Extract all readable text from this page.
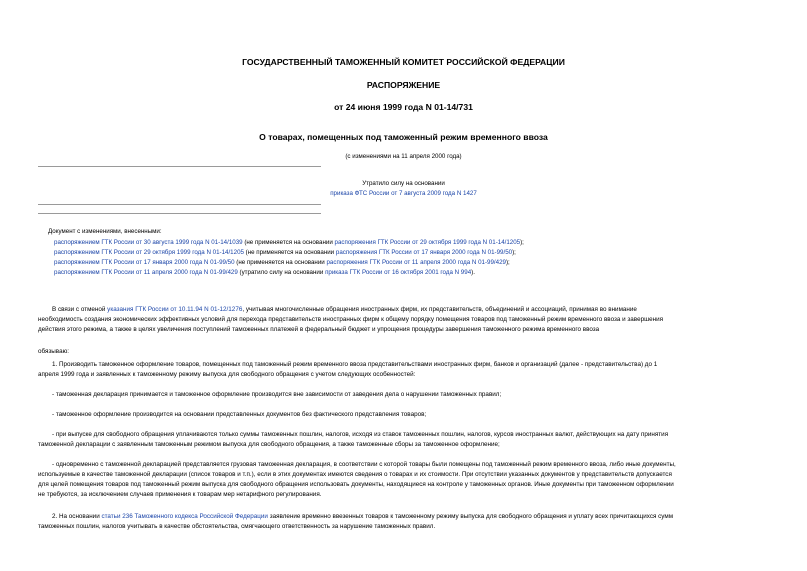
ГОСУДАРСТВЕННЫЙ ТАМОЖЕННЫЙ КОМИТЕТ РОССИЙСКОЙ ФЕДЕРАЦИИ
РАСПОРЯЖЕНИЕ
от 24 июня 1999 года N 01-14/731
О товарах, помещенных под таможенный режим временного ввоза
(с изменениями на 11 апреля 2000 года)
Утратило силу на основании
приказа ФТС России от 7 августа 2009 года N 1427
Документ с изменениями, внесенными:
распоряжением ГТК России от 30 августа 1999 года N 01-14/1039 (не применяется на основании распоряжения ГТК России от 29 октября 1999 года N 01-14/1205);
распоряжением ГТК России от 29 октября 1999 года N 01-14/1205 (не применяется на основании распоряжения ГТК России от 17 января 2000 года N 01-99/50);
распоряжением ГТК России от 17 января 2000 года N 01-99/50 (не применяется на основании распоряжения ГТК России от 11 апреля 2000 года N 01-99/429);
распоряжением ГТК России от 11 апреля 2000 года N 01-99/429 (утратило силу на основании приказа ГТК России от 16 октября 2001 года N 994).
В связи с отменой указания ГТК России от 10.11.94 N 01-12/1276, учитывая многочисленные обращения иностранных фирм, их представительств, объединений и ассоциаций, принимая во внимание
необходимость создания экономических эффективных условий для перехода представительств иностранных фирм к общему порядку помещения товаров под таможенный режим временного ввоза и завершения
действия этого режима, а также в целях увеличения поступлений таможенных платежей в федеральный бюджет и упрощения процедуры завершения таможенного режима временного ввоза
обязываю:
1. Производить таможенное оформление товаров, помещенных под таможенный режим временного ввоза представительствами иностранных фирм, банков и организаций (далее - представительства) до 1
апреля 1999 года и заявленных к таможенному режиму выпуска для свободного обращения с учетом следующих особенностей:
- таможенная декларация принимается и таможенное оформление производится вне зависимости от заведения дела о нарушении таможенных правил;
- таможенное оформление производится на основании представленных документов без фактического представления товаров;
- при выпуске для свободного обращения уплачиваются только суммы таможенных пошлин, налогов, исходя из ставок таможенных пошлин, налогов, курсов иностранных валют, действующих на дату принятия
таможенной декларации с заявленным таможенным режимом выпуска для свободного обращения, а также таможенные сборы за таможенное оформление;
- одновременно с таможенной декларацией представляется грузовая таможенная декларация, в соответствии с которой товары были помещены под таможенный режим временного ввоза, либо иные документы,
используемые в качестве таможенной декларации (список товаров и т.п.), если в этих документах имеются сведения о товарах и их стоимости. При отсутствии указанных документов у представительств допускается
для целей помещения товаров под таможенный режим выпуска для свободного обращения использовать документы, находящиеся на контроле у таможенных органов. Иные документы при таможенном оформлении
не требуются, за исключением случаев применения к товарам мер нетарифного регулирования.
2. На основании статьи 236 Таможенного кодекса Российской Федерации заявление временно ввезенных товаров к таможенному режиму выпуска для свободного обращения и уплату всех причитающихся сумм
таможенных пошлин, налогов учитывать в качестве обстоятельства, смягчающего ответственность за нарушение таможенных правил.
